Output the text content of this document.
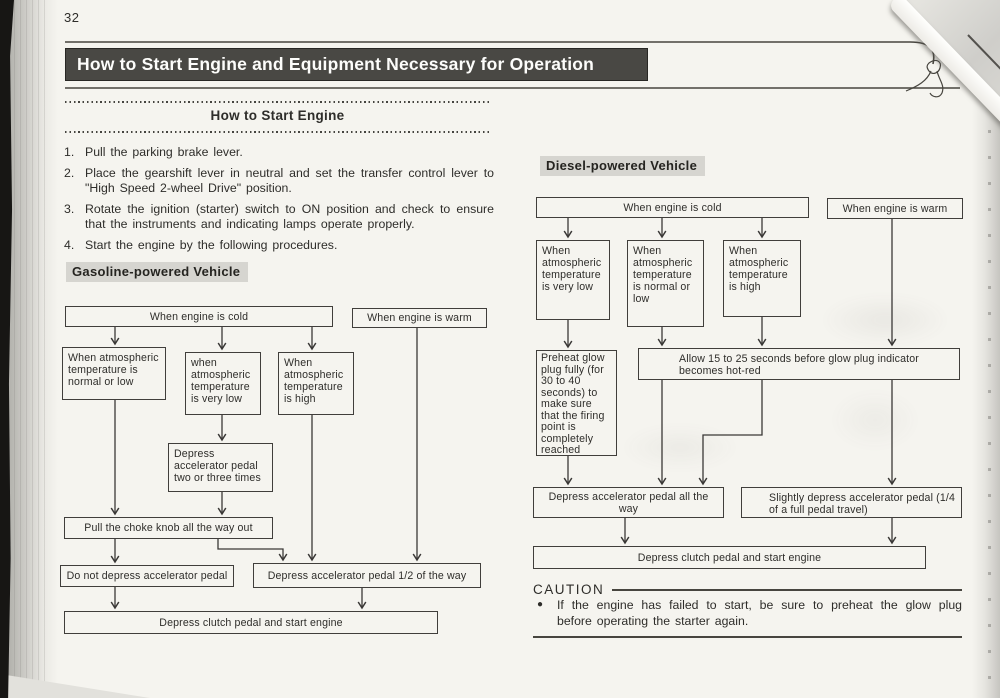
32
How to Start Engine and Equipment Necessary for Operation
How to Start Engine
1. Pull the parking brake lever.
2. Place the gearshift lever in neutral and set the transfer control lever to "High Speed 2-wheel Drive" position.
3. Rotate the ignition (starter) switch to ON position and check to ensure that the instruments and indicating lamps operate properly.
4. Start the engine by the following procedures.
Gasoline-powered Vehicle
Diesel-powered Vehicle
When engine is cold	When engine is warm
When atmospheric temperature is normal or low
when atmospheric temperature is very low
When atmospheric temperature is high
Depress accelerator pedal two or three times
Pull the choke knob all the way out
Do not depress accelerator pedal	Depress accelerator pedal 1/2 of the way
Depress clutch pedal and start engine
When engine is cold	When engine is warm
When atmospheric temperature is very low
When atmospheric temperature is normal or low
When atmospheric temperature is high
Preheat glow plug fully (for 30 to 40 seconds) to make sure that the firing point is completely reached
Allow 15 to 25 seconds before glow plug indicator becomes hot-red
Depress accelerator pedal all the way
Slightly depress accelerator pedal (1/4 of a full pedal travel)
Depress clutch pedal and start engine
CAUTION
● If the engine has failed to start, be sure to preheat the glow plug before operating the starter again.
